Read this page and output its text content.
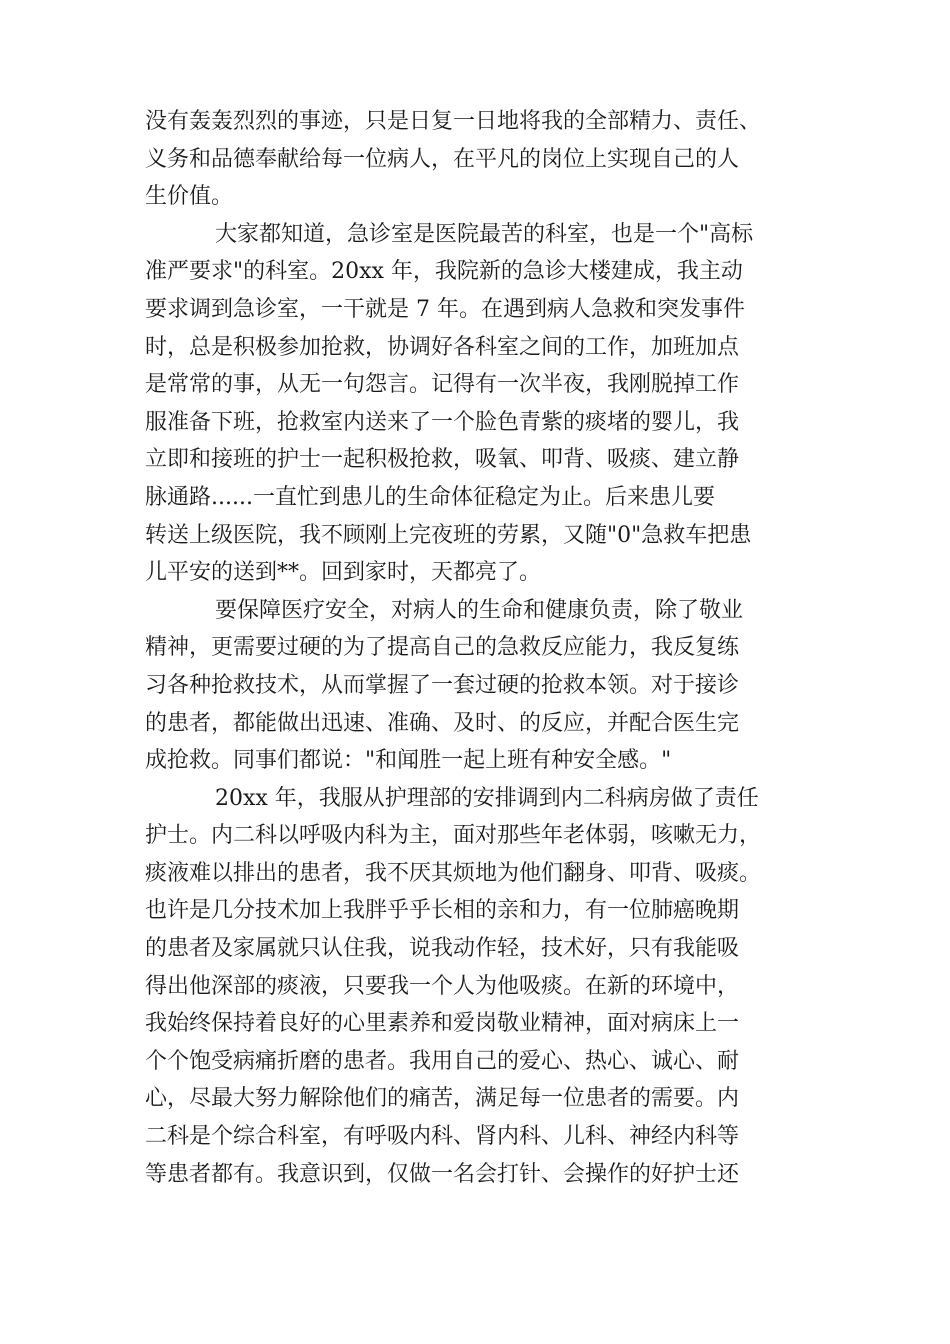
没有轰轰烈烈的事迹，只是日复一日地将我的全部精力、责任、
义务和品德奉献给每一位病人，在平凡的岗位上实现自己的人
生价值。
大家都知道，急诊室是医院最苦的科室，也是一个"高标
准严要求"的科室。20xx 年，我院新的急诊大楼建成，我主动
要求调到急诊室，一干就是 7 年。在遇到病人急救和突发事件
时，总是积极参加抢救，协调好各科室之间的工作，加班加点
是常常的事，从无一句怨言。记得有一次半夜，我刚脱掉工作
服准备下班，抢救室内送来了一个脸色青紫的痰堵的婴儿，我
立即和接班的护士一起积极抢救，吸氧、叩背、吸痰、建立静
脉通路......一直忙到患儿的生命体征稳定为止。后来患儿要
转送上级医院，我不顾刚上完夜班的劳累，又随"0"急救车把患
儿平安的送到**。回到家时，天都亮了。
要保障医疗安全，对病人的生命和健康负责，除了敬业
精神，更需要过硬的为了提高自己的急救反应能力，我反复练
习各种抢救技术，从而掌握了一套过硬的抢救本领。对于接诊
的患者，都能做出迅速、准确、及时、的反应，并配合医生完
成抢救。同事们都说："和闻胜一起上班有种安全感。"
20xx 年，我服从护理部的安排调到内二科病房做了责任
护士。内二科以呼吸内科为主，面对那些年老体弱，咳嗽无力，
痰液难以排出的患者，我不厌其烦地为他们翻身、叩背、吸痰。
也许是几分技术加上我胖乎乎长相的亲和力，有一位肺癌晚期
的患者及家属就只认住我，说我动作轻，技术好，只有我能吸
得出他深部的痰液，只要我一个人为他吸痰。在新的环境中，
我始终保持着良好的心里素养和爱岗敬业精神，面对病床上一
个个饱受病痛折磨的患者。我用自己的爱心、热心、诚心、耐
心，尽最大努力解除他们的痛苦，满足每一位患者的需要。内
二科是个综合科室，有呼吸内科、肾内科、儿科、神经内科等
等患者都有。我意识到，仅做一名会打针、会操作的好护士还
